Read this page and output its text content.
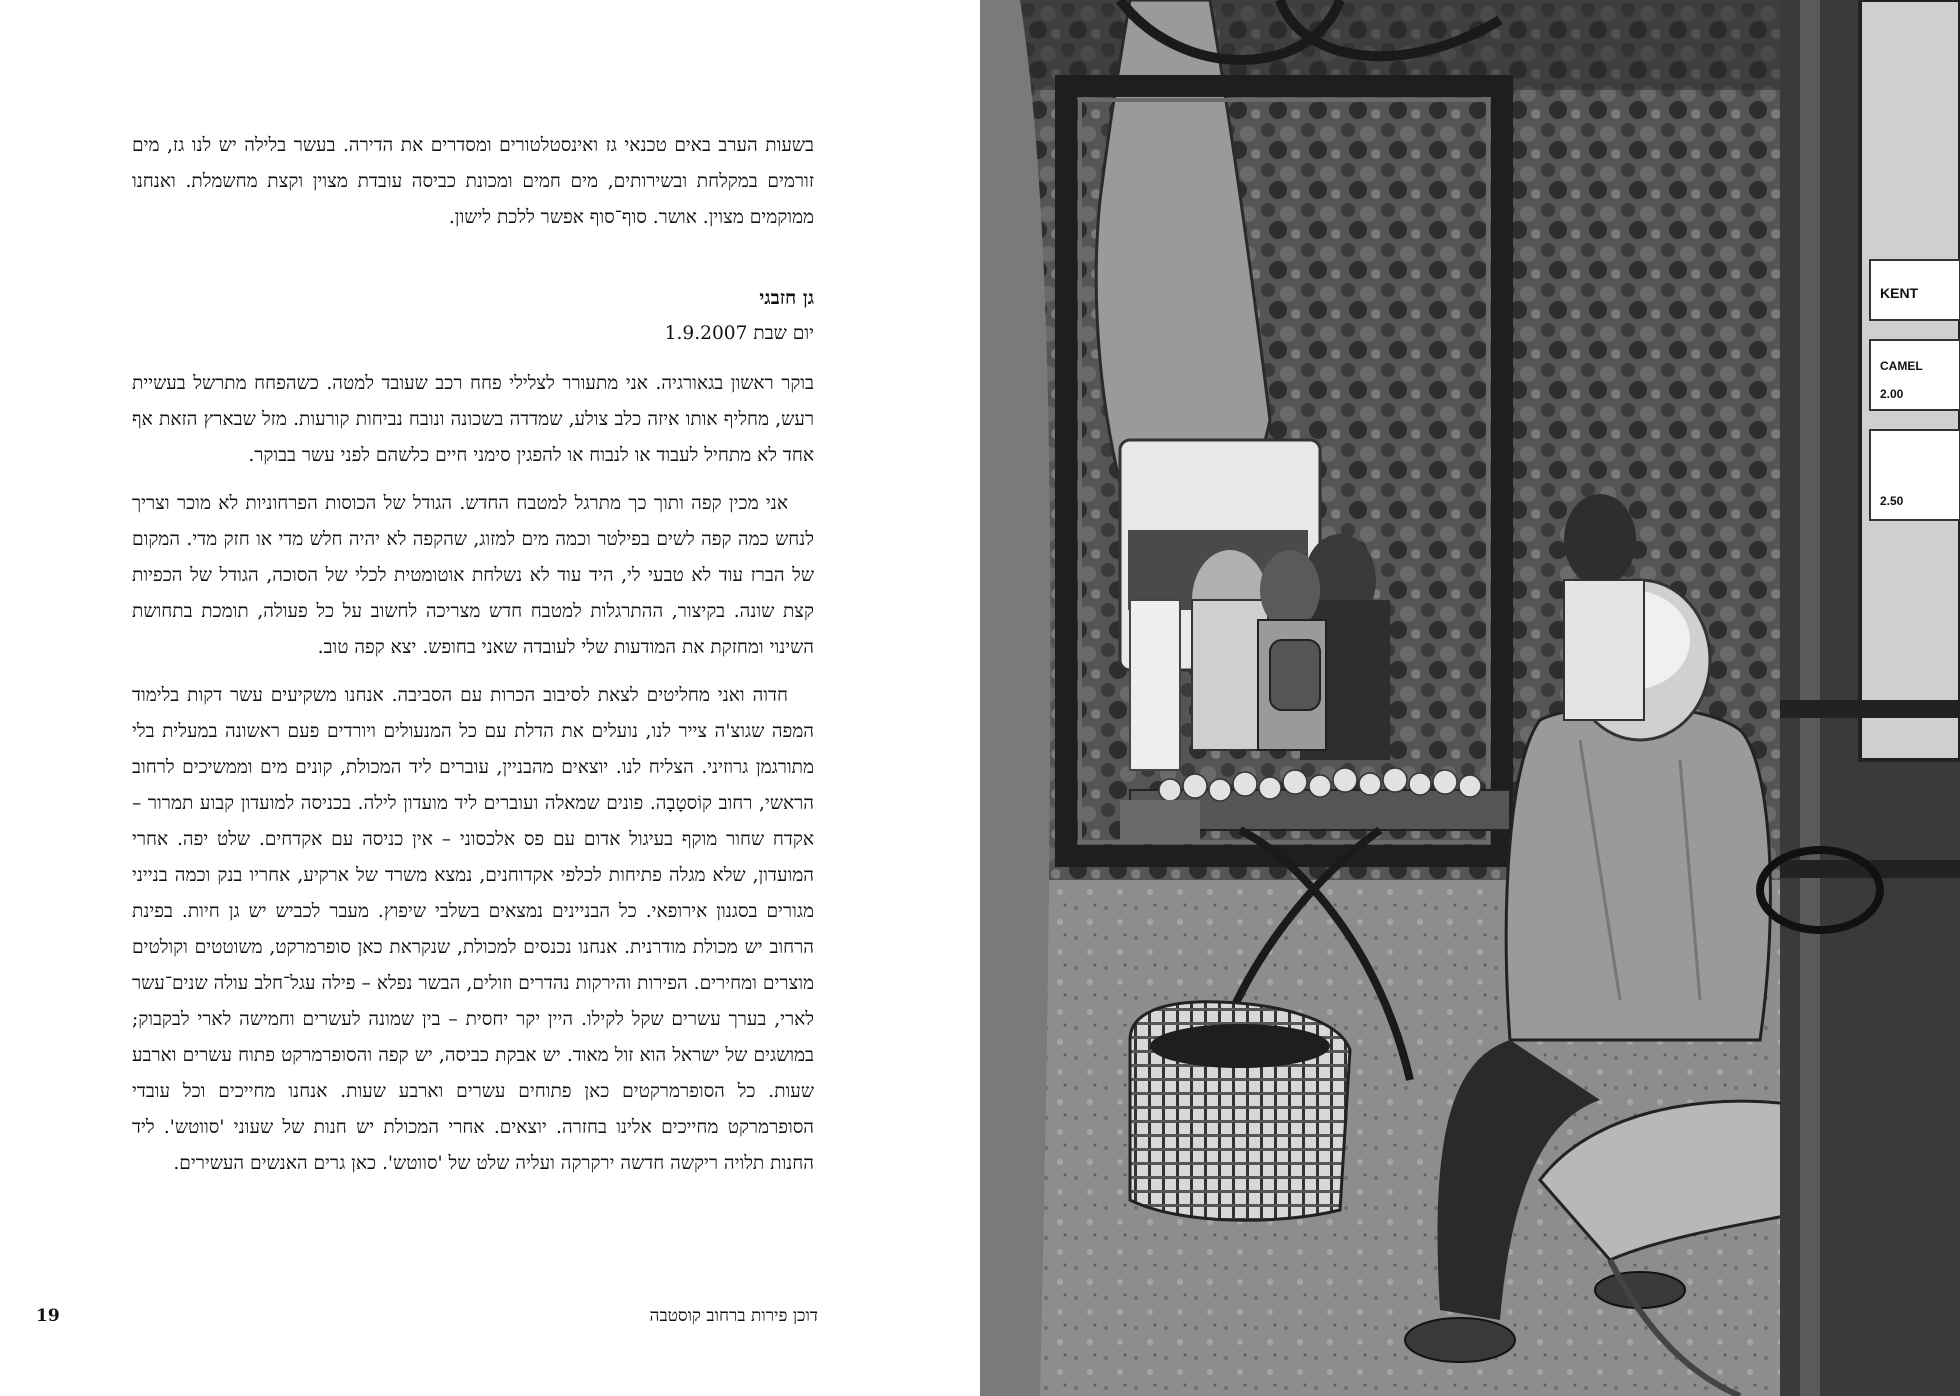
בשעות הערב באים טכנאי גז ואינסטלטורים ומסדרים את הדירה. בעשר בלילה יש לנו גז, מים זורמים במקלחת ובשירותים, מים חמים ומכונת כביסה עובדת מצוין וקצת מחשמלת. ואנחנו ממוקמים מצוין. אושר. סוף־סוף אפשר ללכת לישון.

גן חזבגי
יום שבת 1.9.2007

בוקר ראשון בגאורגיה. אני מתעורר לצלילי פחח רכב שעובד למטה. כשהפחח מתרשל בעשיית רעש, מחליף אותו איזה כלב צולע, שמדדה בשכונה ונובח נביחות קורעות. מזל שבארץ הזאת אף אחד לא מתחיל לעבוד או לנבוח או להפגין סימני חיים כלשהם לפני עשר בבוקר.

אני מכין קפה ותוך כך מתרגל למטבח החדש. הגודל של הכוסות הפרחוניות לא מוכר וצריך לנחש כמה קפה לשים בפילטר וכמה מים למזוג, שהקפה לא יהיה חלש מדי או חזק מדי. המקום של הברז עוד לא טבעי לי, היד עוד לא נשלחת אוטומטית לכלי של הסוכה, הגודל של הכפיות קצת שונה. בקיצור, ההתרגלות למטבח חדש מצריכה לחשוב על כל פעולה, תומכת בתחושת השינוי ומחזקת את המודעות שלי לעובדה שאני בחופש. יצא קפה טוב.

חדוה ואני מחליטים לצאת לסיבוב הכרות עם הסביבה. אנחנו משקיעים עשר דקות בלימוד המפה שגוצ'ה צייר לנו, נועלים את הדלת עם כל המנעולים ויורדים פעם ראשונה במעלית בלי מתורגמן גרוזיני. הצליח לנו. יוצאים מהבניין, עוברים ליד המכולת, קונים מים וממשיכים לרחוב הראשי, רחוב קוֹסטָבָה. פונים שמאלה ועוברים ליד מועדון לילה. בכניסה למועדון קבוע תמרור – אקדח שחור מוקף בעיגול אדום עם פס אלכסוני – אין כניסה עם אקדחים. שלט יפה. אחרי המועדון, שלא מגלה פתיחות לכלפי אקדוחנים, נמצא משרד של ארקיע, אחריו בנק וכמה בנייני מגורים בסגנון אירופאי. כל הבניינים נמצאים בשלבי שיפוץ. מעבר לכביש יש גן חיות. בפינת הרחוב יש מכולת מודרנית. אנחנו נכנסים למכולת, שנקראת כאן סופרמרקט, משוטטים וקולטים מוצרים ומחירים. הפירות והירקות נהדרים וזולים, הבשר נפלא – פילה עגל־חלב עולה שנים־עשר לארי, בערך עשרים שקל לקילו. היין יקר יחסית – בין שמונה לעשרים וחמישה לארי לבקבוק; במושגים של ישראל הוא זול מאוד. יש אבקת כביסה, יש קפה והסופרמרקט פתוח עשרים וארבע שעות. כל הסופרמרקטים כאן פתוחים עשרים וארבע שעות. אנחנו מחייכים וכל עובדי הסופרמרקט מחייכים אלינו בחזרה. יוצאים. אחרי המכולת יש חנות של שעוני 'סווטש'. ליד החנות תלויה ריקשה חדשה ירקרקה ועליה שלט של 'סווטש'. כאן גרים האנשים העשירים.

דוכן פירות ברחוב קוסטבה
19
KENT
CAMEL
2.00
2.50
